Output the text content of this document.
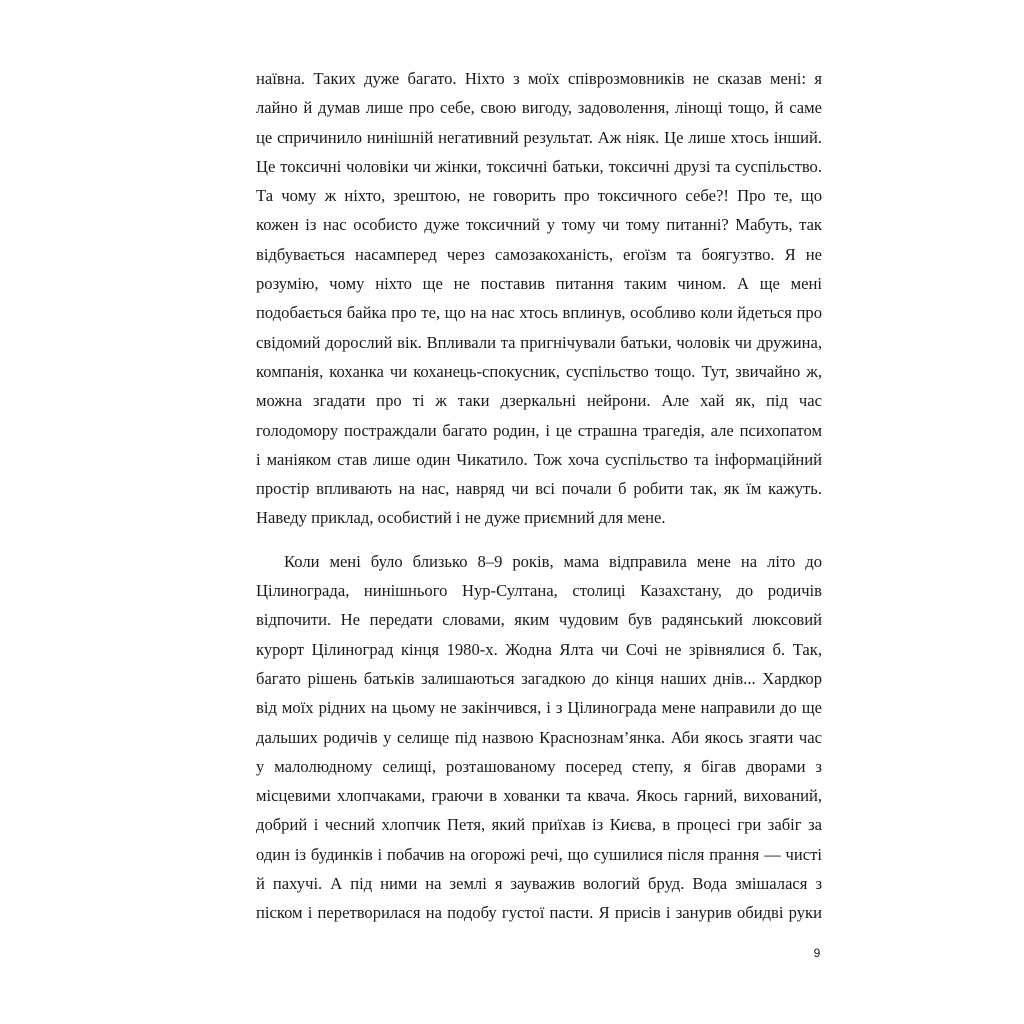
наївна. Таких дуже багато. Ніхто з моїх співрозмовників не сказав мені: я
лайно й думав лише про себе, свою вигоду, задоволення, лінощі тощо, й саме
це спричинило нинішній негативний результат. Аж ніяк. Це лише хтось інший.
Це токсичні чоловіки чи жінки, токсичні батьки, токсичні друзі та суспільство.
Та чому ж ніхто, зрештою, не говорить про токсичного себе?! Про те, що
кожен із нас особисто дуже токсичний у тому чи тому питанні? Мабуть, так
відбувається насамперед через самозакоханість, егоїзм та боягузтво. Я не
розумію, чому ніхто ще не поставив питання таким чином. А ще мені
подобається байка про те, що на нас хтось вплинув, особливо коли йдеться про
свідомий дорослий вік. Впливали та пригнічували батьки, чоловік чи дружина,
компанія, коханка чи коханець-спокусник, суспільство тощо. Тут, звичайно ж,
можна згадати про ті ж таки дзеркальні нейрони. Але хай як, під час
голодомору постраждали багато родин, і це страшна трагедія, але психопатом
і маніяком став лише один Чикатило. Тож хоча суспільство та інформаційний
простір впливають на нас, навряд чи всі почали б робити так, як їм кажуть.
Наведу приклад, особистий і не дуже приємний для мене.
Коли мені було близько 8–9 років, мама відправила мене на літо до
Цілинограда, нинішнього Нур-Султана, столиці Казахстану, до родичів
відпочити. Не передати словами, яким чудовим був радянський люксовий
курорт Цілиноград кінця 1980-х. Жодна Ялта чи Сочі не зрівнялися б. Так,
багато рішень батьків залишаються загадкою до кінця наших днів... Хардкор
від моїх рідних на цьому не закінчився, і з Цілинограда мене направили до ще
дальших родичів у селище під назвою Краснознам’янка. Аби якось згаяти час
у малолюдному селищі, розташованому посеред степу, я бігав дворами з
місцевими хлопчаками, граючи в хованки та квача. Якось гарний, вихований,
добрий і чесний хлопчик Петя, який приїхав із Києва, в процесі гри забіг за
один із будинків і побачив на огорожі речі, що сушилися після прання — чисті
й пахучі. А під ними на землі я зауважив вологий бруд. Вода змішалася з
піском і перетворилася на подобу густої пасти. Я присів і занурив обидві руки
9
